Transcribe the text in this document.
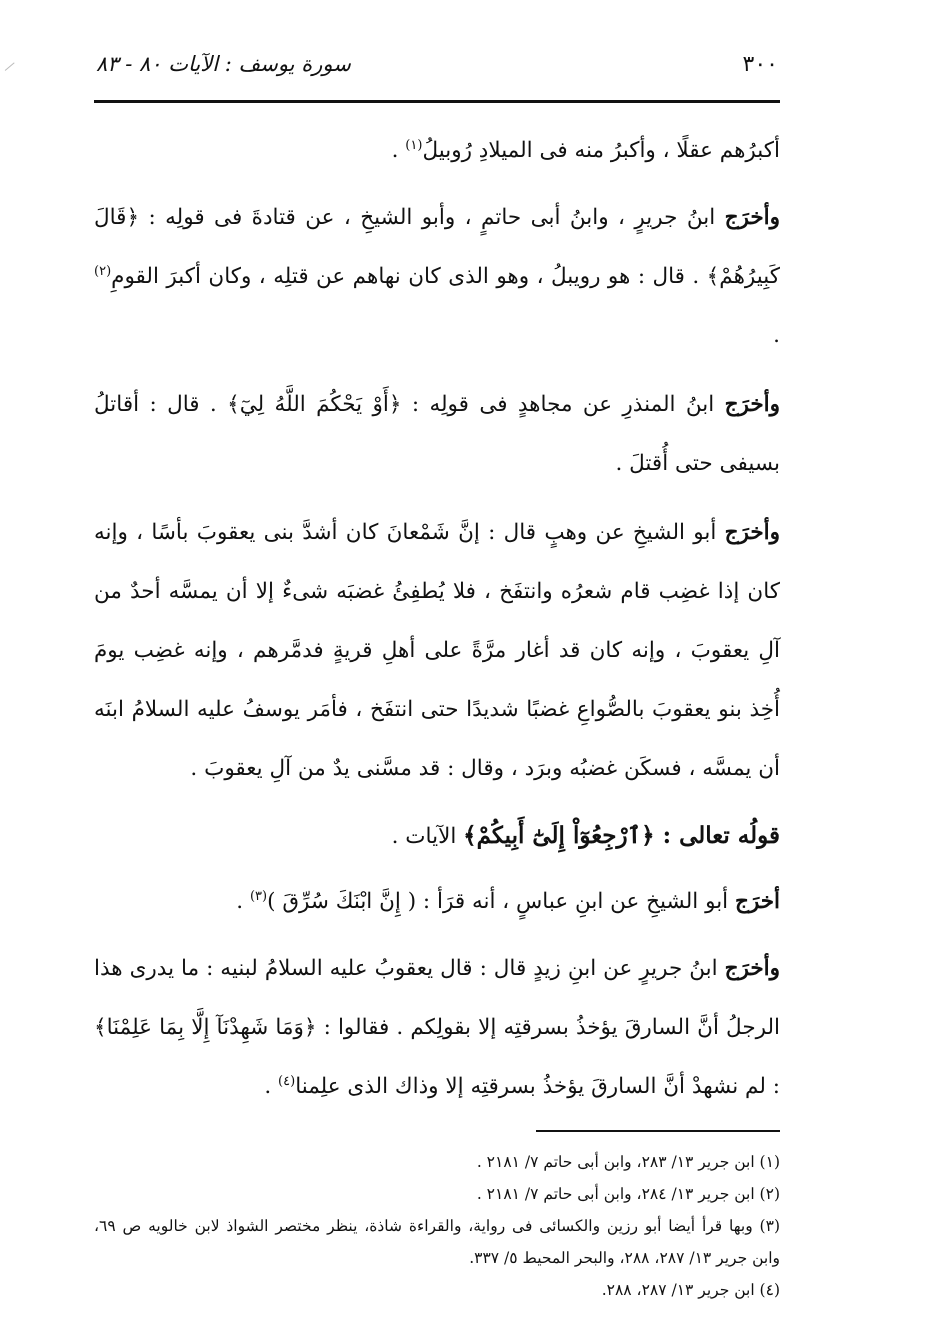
٣٠٠
سورة يوسف : الآيات ٨٠ - ٨٣

أكبرُهم عقلًا ، وأكبرُ منه فى الميلادِ رُوبيلُ$^{(١)}$ .

وأخرَج ابنُ جريرٍ ، وابنُ أبى حاتمٍ ، وأبو الشيخِ ، عن قتادةَ فى قولِه : ﴿قَالَ كَبِيرُهُمْ﴾ . قال : هو رويبلُ ، وهو الذى كان نهاهم عن قتلِه ، وكان أكبرَ القومِ$^{(٢)}$ .

وأخرَج ابنُ المنذرِ عن مجاهدٍ فى قولِه : ﴿أَوْ يَحْكُمَ اللَّهُ لِيٓ﴾ . قال : أقاتلُ بسيفى حتى أُقتلَ .

وأخرَج أبو الشيخِ عن وهبٍ قال : إنَّ شَمْعانَ كان أشدَّ بنى يعقوبَ بأسًا ، وإنه كان إذا غضِب قام شعرُه وانتفَخ ، فلا يُطفِئُ غضبَه شىءٌ إلا أن يمسَّه أحدٌ من آلِ يعقوبَ ، وإنه كان قد أغار مرَّةً على أهلِ قريةٍ فدمَّرهم ، وإنه غضِب يومَ أُخِذ بنو يعقوبَ بالصُّواعِ غضبًا شديدًا حتى انتفَخ ، فأمَر يوسفُ عليه السلامُ ابنَه أن يمسَّه ، فسكَن غضبُه وبرَد ، وقال : قد مسَّنى يدٌ من آلِ يعقوبَ .

قولُه تعالى : ﴿ٱرْجِعُوٓاْ إِلَىٰٓ أَبِيكُمْ﴾ الآيات .

أخرَج أبو الشيخِ عن ابنِ عباسٍ ، أنه قرَأ : ( إِنَّ ابْنَكَ سُرِّقَ )$^{(٣)}$ .

وأخرَج ابنُ جريرٍ عن ابنِ زيدٍ قال : قال يعقوبُ عليه السلامُ لبنيه : ما يدرى هذا الرجلُ أنَّ السارقَ يؤخذُ بسرقتِه إلا بقولِكم . فقالوا : ﴿وَمَا شَهِدْنَآ إِلَّا بِمَا عَلِمْنَا﴾ : لم نشهدْ أنَّ السارقَ يؤخذُ بسرقتِه إلا وذاك الذى علِمنا$^{(٤)}$ .

(١) ابن جرير ١٣/ ٢٨٣، وابن أبى حاتم ٧/ ٢١٨١ .
(٢) ابن جرير ١٣/ ٢٨٤، وابن أبى حاتم ٧/ ٢١٨١ .
(٣) وبها قرأ أيضا أبو رزين والكسائى فى رواية، والقراءة شاذة، ينظر مختصر الشواذ لابن خالويه ص ٦٩، وابن جرير ١٣/ ٢٨٧، ٢٨٨، والبحر المحيط ٥/ ٣٣٧.
(٤) ابن جرير ١٣/ ٢٨٧، ٢٨٨.
